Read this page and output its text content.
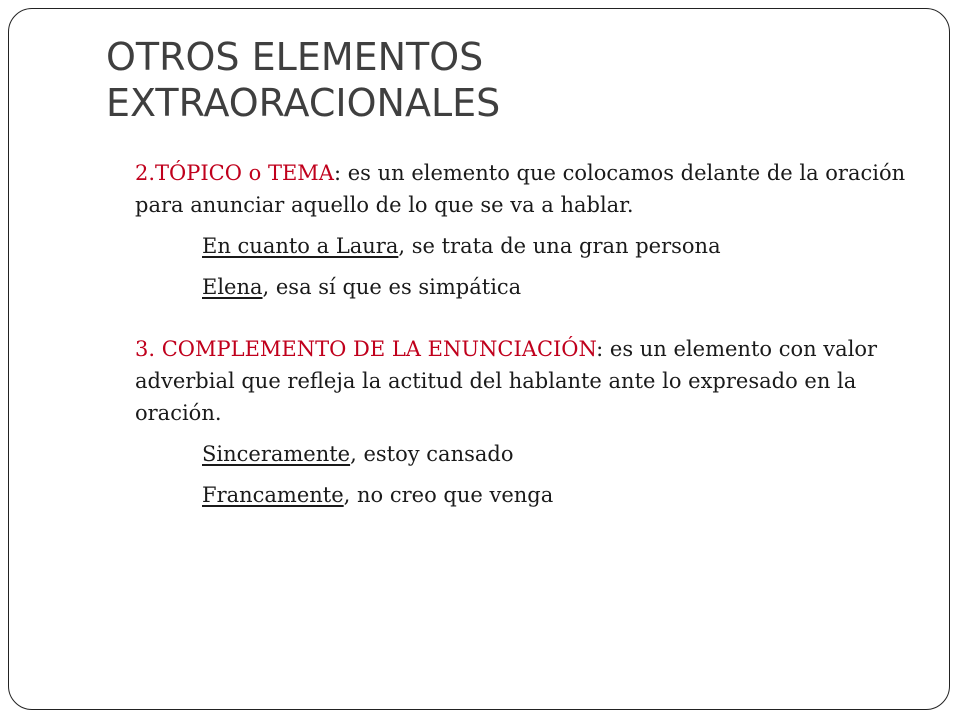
OTROS ELEMENTOS
EXTRAORACIONALES

2.TÓPICO o TEMA: es un elemento que colocamos delante de la oración para anunciar aquello de lo que se va a hablar.

En cuanto a Laura, se trata de una gran persona

Elena, esa sí que es simpática

3. COMPLEMENTO DE LA ENUNCIACIÓN: es un elemento con valor adverbial que refleja la actitud del hablante ante lo expresado en la oración.

Sinceramente, estoy cansado

Francamente, no creo que venga
